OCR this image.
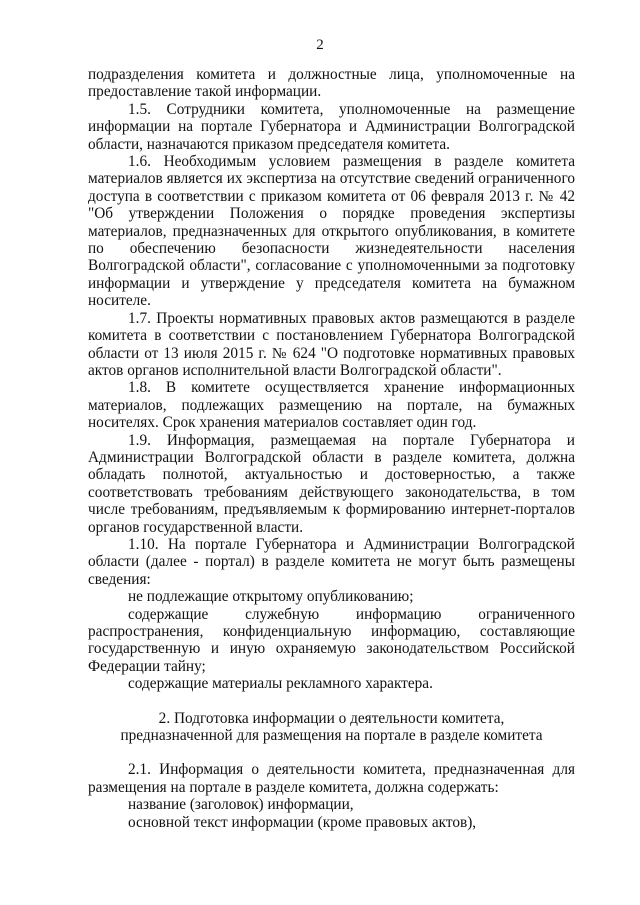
2

подразделения комитета и должностные лица, уполномоченные на предоставление такой информации.

1.5. Сотрудники комитета, уполномоченные на размещение информации на портале Губернатора и Администрации Волгоградской области, назначаются приказом председателя комитета.

1.6. Необходимым условием размещения в разделе комитета материалов является их экспертиза на отсутствие сведений ограниченного доступа в соответствии с приказом комитета от 06 февраля 2013 г. № 42 "Об утверждении Положения о порядке проведения экспертизы материалов, предназначенных для открытого опубликования, в комитете по обеспечению безопасности жизнедеятельности населения Волгоградской области", согласование с уполномоченными за подготовку информации и утверждение у председателя комитета на бумажном носителе.

1.7. Проекты нормативных правовых актов размещаются в разделе комитета в соответствии с постановлением Губернатора Волгоградской области от 13 июля 2015 г. № 624 "О подготовке нормативных правовых актов органов исполнительной власти Волгоградской области".

1.8. В комитете осуществляется хранение информационных материалов, подлежащих размещению на портале, на бумажных носителях. Срок хранения материалов составляет один год.

1.9. Информация, размещаемая на портале Губернатора и Администрации Волгоградской области в разделе комитета, должна обладать полнотой, актуальностью и достоверностью, а также соответствовать требованиям действующего законодательства, в том числе требованиям, предъявляемым к формированию интернет-порталов органов государственной власти.

1.10. На портале Губернатора и Администрации Волгоградской области (далее - портал) в разделе комитета не могут быть размещены сведения:

не подлежащие открытому опубликованию;

содержащие служебную информацию ограниченного распространения, конфиденциальную информацию, составляющие государственную и иную охраняемую законодательством Российской Федерации тайну;

содержащие материалы рекламного характера.

2. Подготовка информации о деятельности комитета,
предназначенной для размещения на портале в разделе комитета

2.1. Информация о деятельности комитета, предназначенная для размещения на портале в разделе комитета, должна содержать:

название (заголовок) информации,

основной текст информации (кроме правовых актов),
